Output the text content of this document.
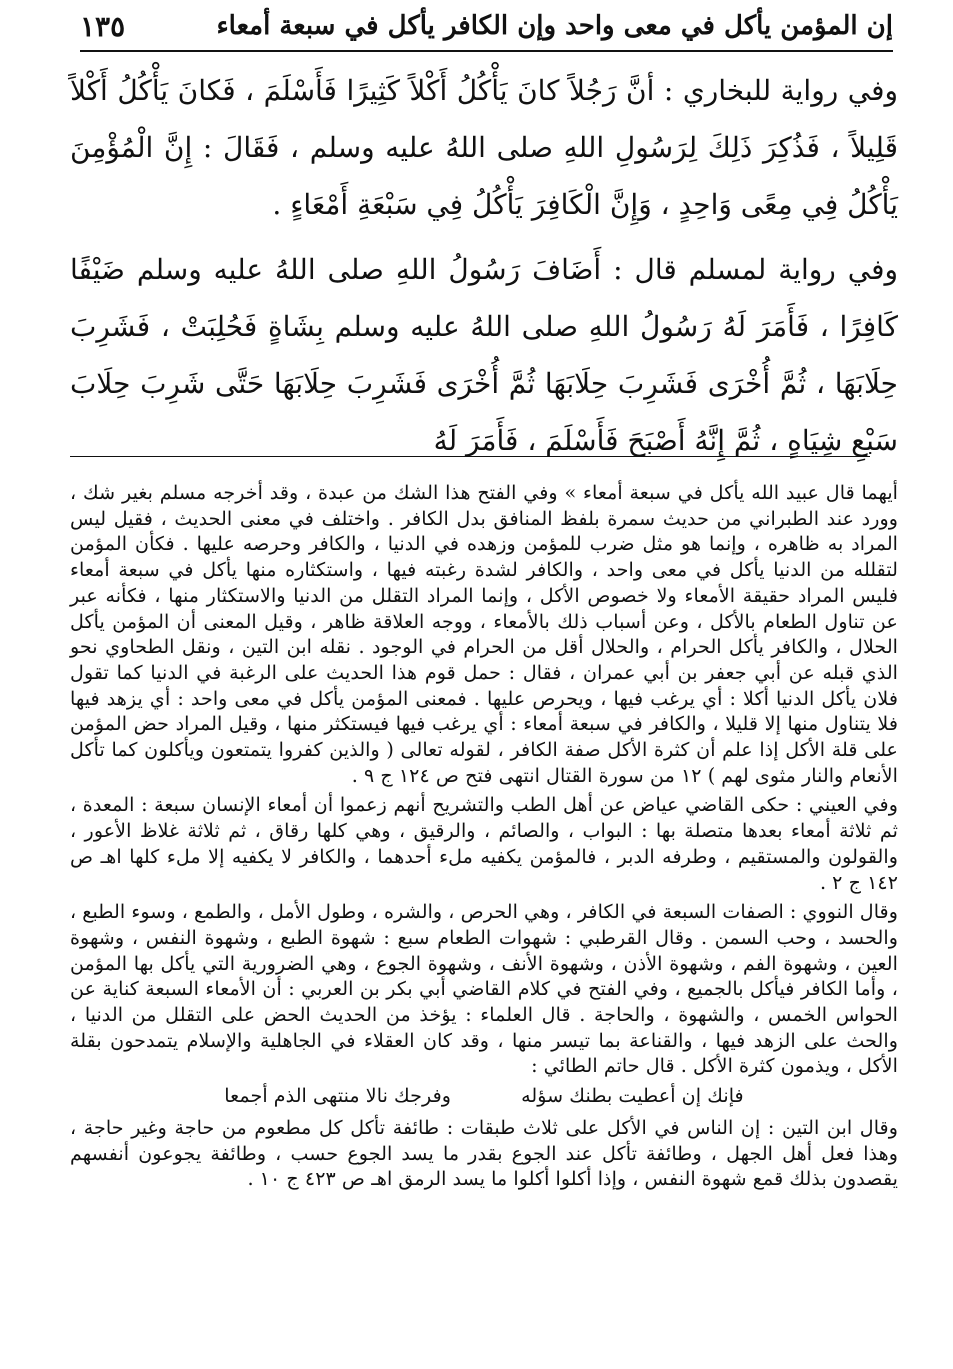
إن المؤمن يأكل في معى واحد وإن الكافر يأكل في سبعة أمعاء
١٣٥

وفي رواية للبخاري : أنَّ رَجُلاً كانَ يَأْكُلُ أَكْلاً كَثِيرًا فَأَسْلَمَ ، فَكانَ يَأْكُلُ أَكْلاً قَلِيلاً ، فَذُكِرَ ذَلِكَ لِرَسُولِ اللهِ صلى اللهُ عليه وسلم ، فَقَالَ : إِنَّ الْمُؤْمِنَ يَأْكُلُ فِي مِعًى وَاحِدٍ ، وَإِنَّ الْكَافِرَ يَأْكُلُ فِي سَبْعَةِ أَمْعَاءٍ .

وفي رواية لمسلم قال : أَضَافَ رَسُولُ اللهِ صلى اللهُ عليه وسلم ضَيْفًا كَافِرًا ، فَأَمَرَ لَهُ رَسُولُ اللهِ صلى اللهُ عليه وسلم بِشَاةٍ فَحُلِبَتْ ، فَشَرِبَ حِلَابَهَا ، ثُمَّ أُخْرَى فَشَرِبَ حِلَابَهَا ثُمَّ أُخْرَى فَشَرِبَ حِلَابَهَا حَتَّى شَرِبَ حِلَابَ سَبْعِ شِيَاهٍ ، ثُمَّ إِنَّهُ أَصْبَحَ فَأَسْلَمَ ، فَأَمَرَ لَهُ

أيهما قال عبيد الله يأكل في سبعة أمعاء » وفي الفتح هذا الشك من عبدة ، وقد أخرجه مسلم بغير شك ، وورد عند الطبراني من حديث سمرة بلفظ المنافق بدل الكافر . واختلف في معنى الحديث ، فقيل ليس المراد به ظاهره ، وإنما هو مثل ضرب للمؤمن وزهده في الدنيا ، والكافر وحرصه عليها . فكأن المؤمن لتقلله من الدنيا يأكل في معى واحد ، والكافر لشدة رغبته فيها ، واستكثاره منها يأكل في سبعة أمعاء فليس المراد حقيقة الأمعاء ولا خصوص الأكل ، وإنما المراد التقلل من الدنيا والاستكثار منها ، فكأنه عبر عن تناول الطعام بالأكل ، وعن أسباب ذلك بالأمعاء ، ووجه العلاقة ظاهر ، وقيل المعنى أن المؤمن يأكل الحلال ، والكافر يأكل الحرام ، والحلال أقل من الحرام في الوجود . نقله ابن التين ، ونقل الطحاوي نحو الذي قبله عن أبي جعفر بن أبي عمران ، فقال : حمل قوم هذا الحديث على الرغبة في الدنيا كما تقول فلان يأكل الدنيا أكلا : أي يرغب فيها ، ويحرص عليها . فمعنى المؤمن يأكل في معى واحد : أي يزهد فيها فلا يتناول منها إلا قليلا ، والكافر في سبعة أمعاء : أي يرغب فيها فيستكثر منها ، وقيل المراد حض المؤمن على قلة الأكل إذا علم أن كثرة الأكل صفة الكافر ، لقوله تعالى ( والذين كفروا يتمتعون ويأكلون كما تأكل الأنعام والنار مثوى لهم ) ١٢ من سورة القتال انتهى فتح ص ١٢٤ ج ٩ .

وفي العيني : حكى القاضي عياض عن أهل الطب والتشريح أنهم زعموا أن أمعاء الإنسان سبعة : المعدة ، ثم ثلاثة أمعاء بعدها متصلة بها : البواب ، والصائم ، والرقيق ، وهي كلها رقاق ، ثم ثلاثة غلاظ الأعور ، والقولون والمستقيم ، وطرفه الدبر ، فالمؤمن يكفيه ملء أحدهما ، والكافر لا يكفيه إلا ملء كلها اهـ ص ١٤٢ ج ٢ .

وقال النووي : الصفات السبعة في الكافر ، وهي الحرص ، والشره ، وطول الأمل ، والطمع ، وسوء الطبع ، والحسد ، وحب السمن . وقال القرطبي : شهوات الطعام سبع : شهوة الطبع ، وشهوة النفس ، وشهوة العين ، وشهوة الفم ، وشهوة الأذن ، وشهوة الأنف ، وشهوة الجوع ، وهي الضرورية التي يأكل بها المؤمن ، وأما الكافر فيأكل بالجميع ، وفي الفتح في كلام القاضي أبي بكر بن العربي : أن الأمعاء السبعة كناية عن الحواس الخمس ، والشهوة ، والحاجة . قال العلماء : يؤخذ من الحديث الحض على التقلل من الدنيا ، والحث على الزهد فيها ، والقناعة بما تيسر منها ، وقد كان العقلاء في الجاهلية والإسلام يتمدحون بقلة الأكل ، ويذمون كثرة الأكل . قال حاتم الطائي :

فإنك إن أعطيت بطنك سؤله
وفرجك نالا منتهى الذم أجمعا

وقال ابن التين : إن الناس في الأكل على ثلاث طبقات : طائفة تأكل كل مطعوم من حاجة وغير حاجة ، وهذا فعل أهل الجهل ، وطائفة تأكل عند الجوع بقدر ما يسد الجوع حسب ، وطائفة يجوعون أنفسهم يقصدون بذلك قمع شهوة النفس ، وإذا أكلوا أكلوا ما يسد الرمق اهـ ص ٤٢٣ ج ١٠ .
